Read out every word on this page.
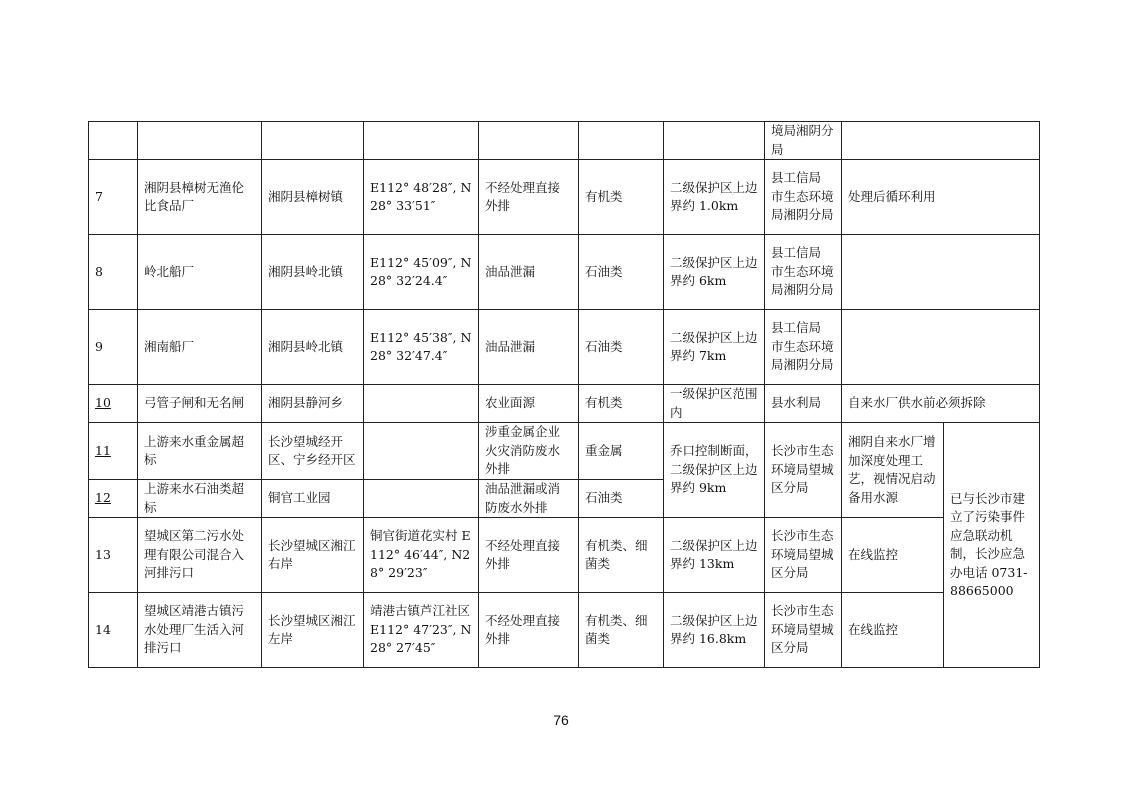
							境局湘阴分局		
7	湘阴县樟树无渔伦比食品厂	湘阴县樟树镇	E112° 48′28″, N28° 33′51″	不经处理直接外排	有机类	二级保护区上边界约 1.0km	县工信局 市生态环境局湘阴分局	处理后循环利用	
8	岭北船厂	湘阴县岭北镇	E112° 45′09″, N28° 32′24.4″	油品泄漏	石油类	二级保护区上边界约 6km	县工信局 市生态环境局湘阴分局		
9	湘南船厂	湘阴县岭北镇	E112° 45′38″, N28° 32′47.4″	油品泄漏	石油类	二级保护区上边界约 7km	县工信局 市生态环境局湘阴分局		
10	弓管子闸和无名闸	湘阴县静河乡		农业面源	有机类	一级保护区范围内	县水利局	自来水厂供水前必须拆除	
11	上游来水重金属超标	长沙望城经开区、宁乡经开区		涉重金属企业火灾消防废水外排	重金属	乔口控制断面，二级保护区上边界约 9km	长沙市生态环境局望城区分局	湘阴自来水厂增加深度处理工艺，视情况启动备用水源	已与长沙市建立了污染事件应急联动机制，长沙应急办电话 0731-88665000
12	上游来水石油类超标	铜官工业园		油品泄漏或消防废水外排	石油类				
13	望城区第二污水处理有限公司混合入河排污口	长沙望城区湘江右岸	铜官街道花实村 E112° 46′44″, N28° 29′23″	不经处理直接外排	有机类、细菌类	二级保护区上边界约 13km	长沙市生态环境局望城区分局	在线监控	
14	望城区靖港古镇污水处理厂生活入河排污口	长沙望城区湘江左岸	靖港古镇芦江社区 E112° 47′23″, N28° 27′45″	不经处理直接外排	有机类、细菌类	二级保护区上边界约 16.8km	长沙市生态环境局望城区分局	在线监控	
76
